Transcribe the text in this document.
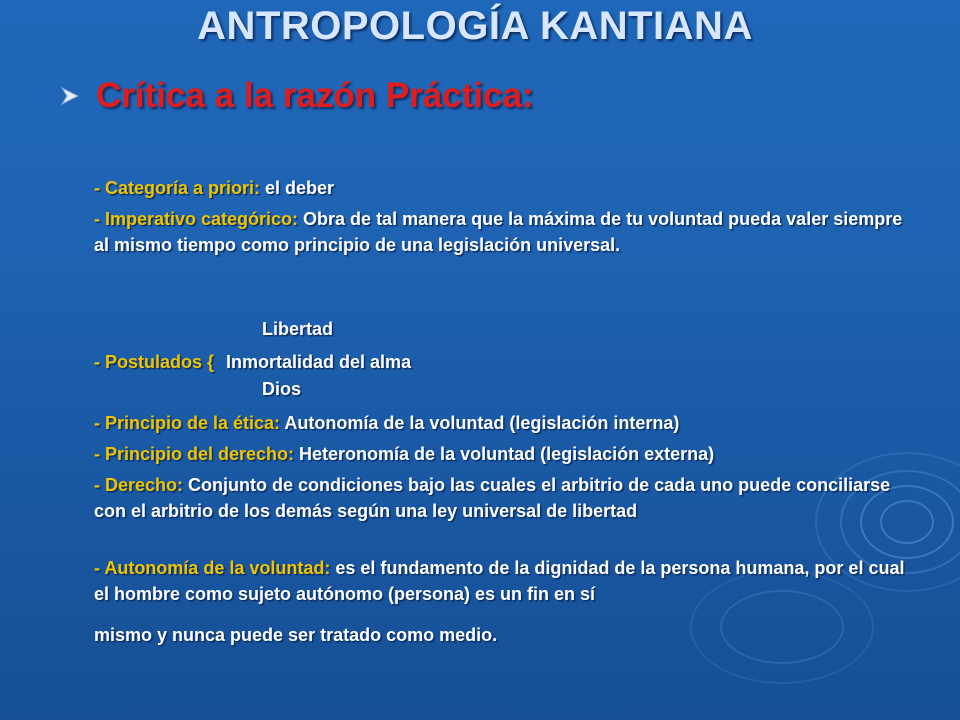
ANTROPOLOGÍA KANTIANA
Crítica a la razón Práctica:
- Categoría a priori: el deber
- Imperativo categórico: Obra de tal manera que la máxima de tu voluntad pueda valer siempre al mismo tiempo como principio de una legislación universal.
Libertad
- Postulados { Inmortalidad del alma
Dios
- Principio de la ética: Autonomía de la voluntad (legislación interna)
- Principio del derecho: Heteronomía de la voluntad (legislación externa)
- Derecho: Conjunto de condiciones bajo las cuales el arbitrio de cada uno puede conciliarse con el arbitrio de los demás según una ley universal de libertad
- Autonomía de la voluntad: es el fundamento de la dignidad de la persona humana, por el cual el hombre como sujeto autónomo (persona) es un fin en sí
mismo y nunca puede ser tratado como medio.
